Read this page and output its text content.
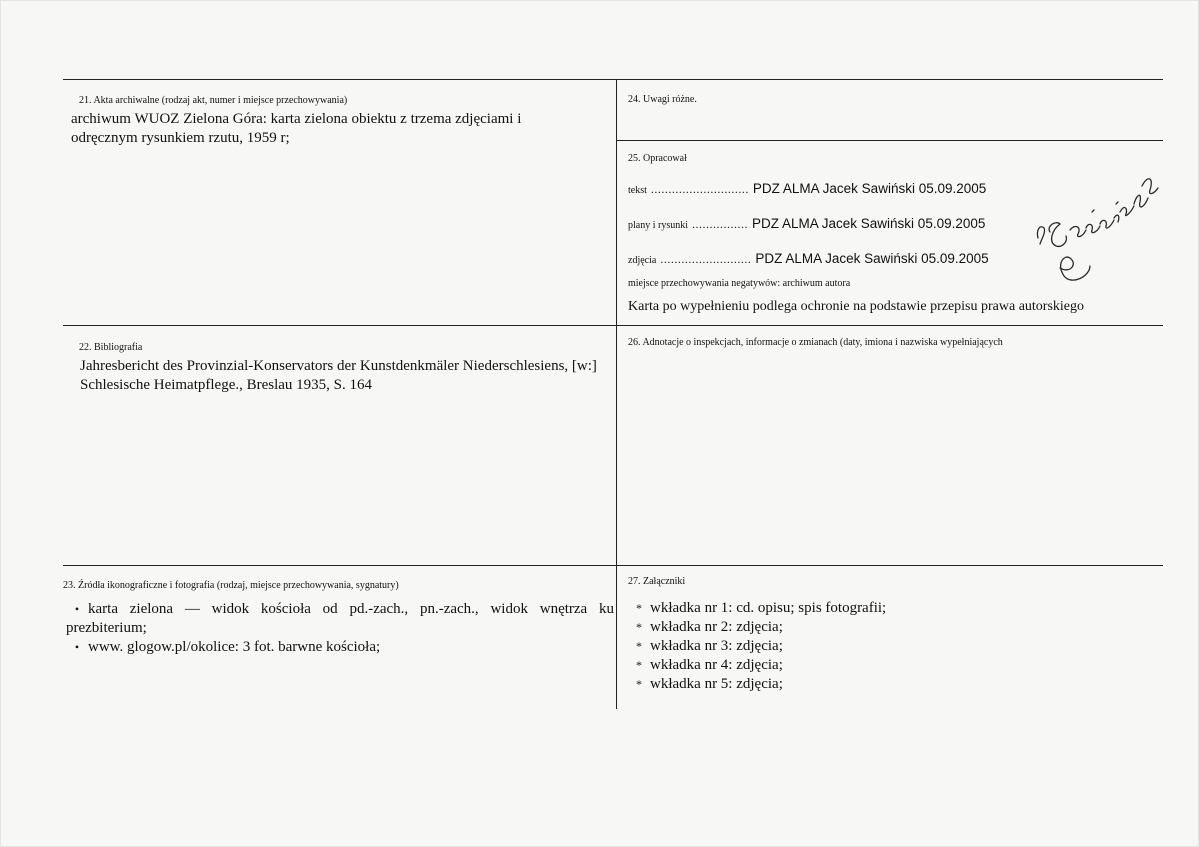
21. Akta archiwalne (rodzaj akt, numer i miejsce przechowywania)
archiwum WUOZ Zielona Góra: karta zielona obiektu z trzema zdjęciami i odręcznym rysunkiem rzutu, 1959 r;
24. Uwagi różne.
25. Opracował
tekst ............................ PDZ ALMA Jacek Sawiński 05.09.2005
plany i rysunki ................ PDZ ALMA Jacek Sawiński 05.09.2005
zdjęcia .......................... PDZ ALMA Jacek Sawiński 05.09.2005
miejsce przechowywania negatywów: archiwum autora
Karta po wypełnieniu podlega ochronie na podstawie przepisu prawa autorskiego
22. Bibliografia
Jahresbericht des Provinzial-Konservators der Kunstdenkmäler Niederschlesiens, [w:] Schlesische Heimatpflege., Breslau 1935, S. 164
26. Adnotacje o inspekcjach, informacje o zmianach (daty, imiona i nazwiska wypełniających
23. Źródła ikonograficzne i fotografia (rodzaj, miejsce przechowywania, sygnatury)
• karta zielona — widok kościoła od pd.-zach., pn.-zach., widok wnętrza ku prezbiterium;
• www. glogow.pl/okolice: 3 fot. barwne kościoła;
27. Załączniki
* wkładka nr 1: cd. opisu; spis fotografii;
* wkładka nr 2: zdjęcia;
* wkładka nr 3: zdjęcia;
* wkładka nr 4: zdjęcia;
* wkładka nr 5: zdjęcia;
